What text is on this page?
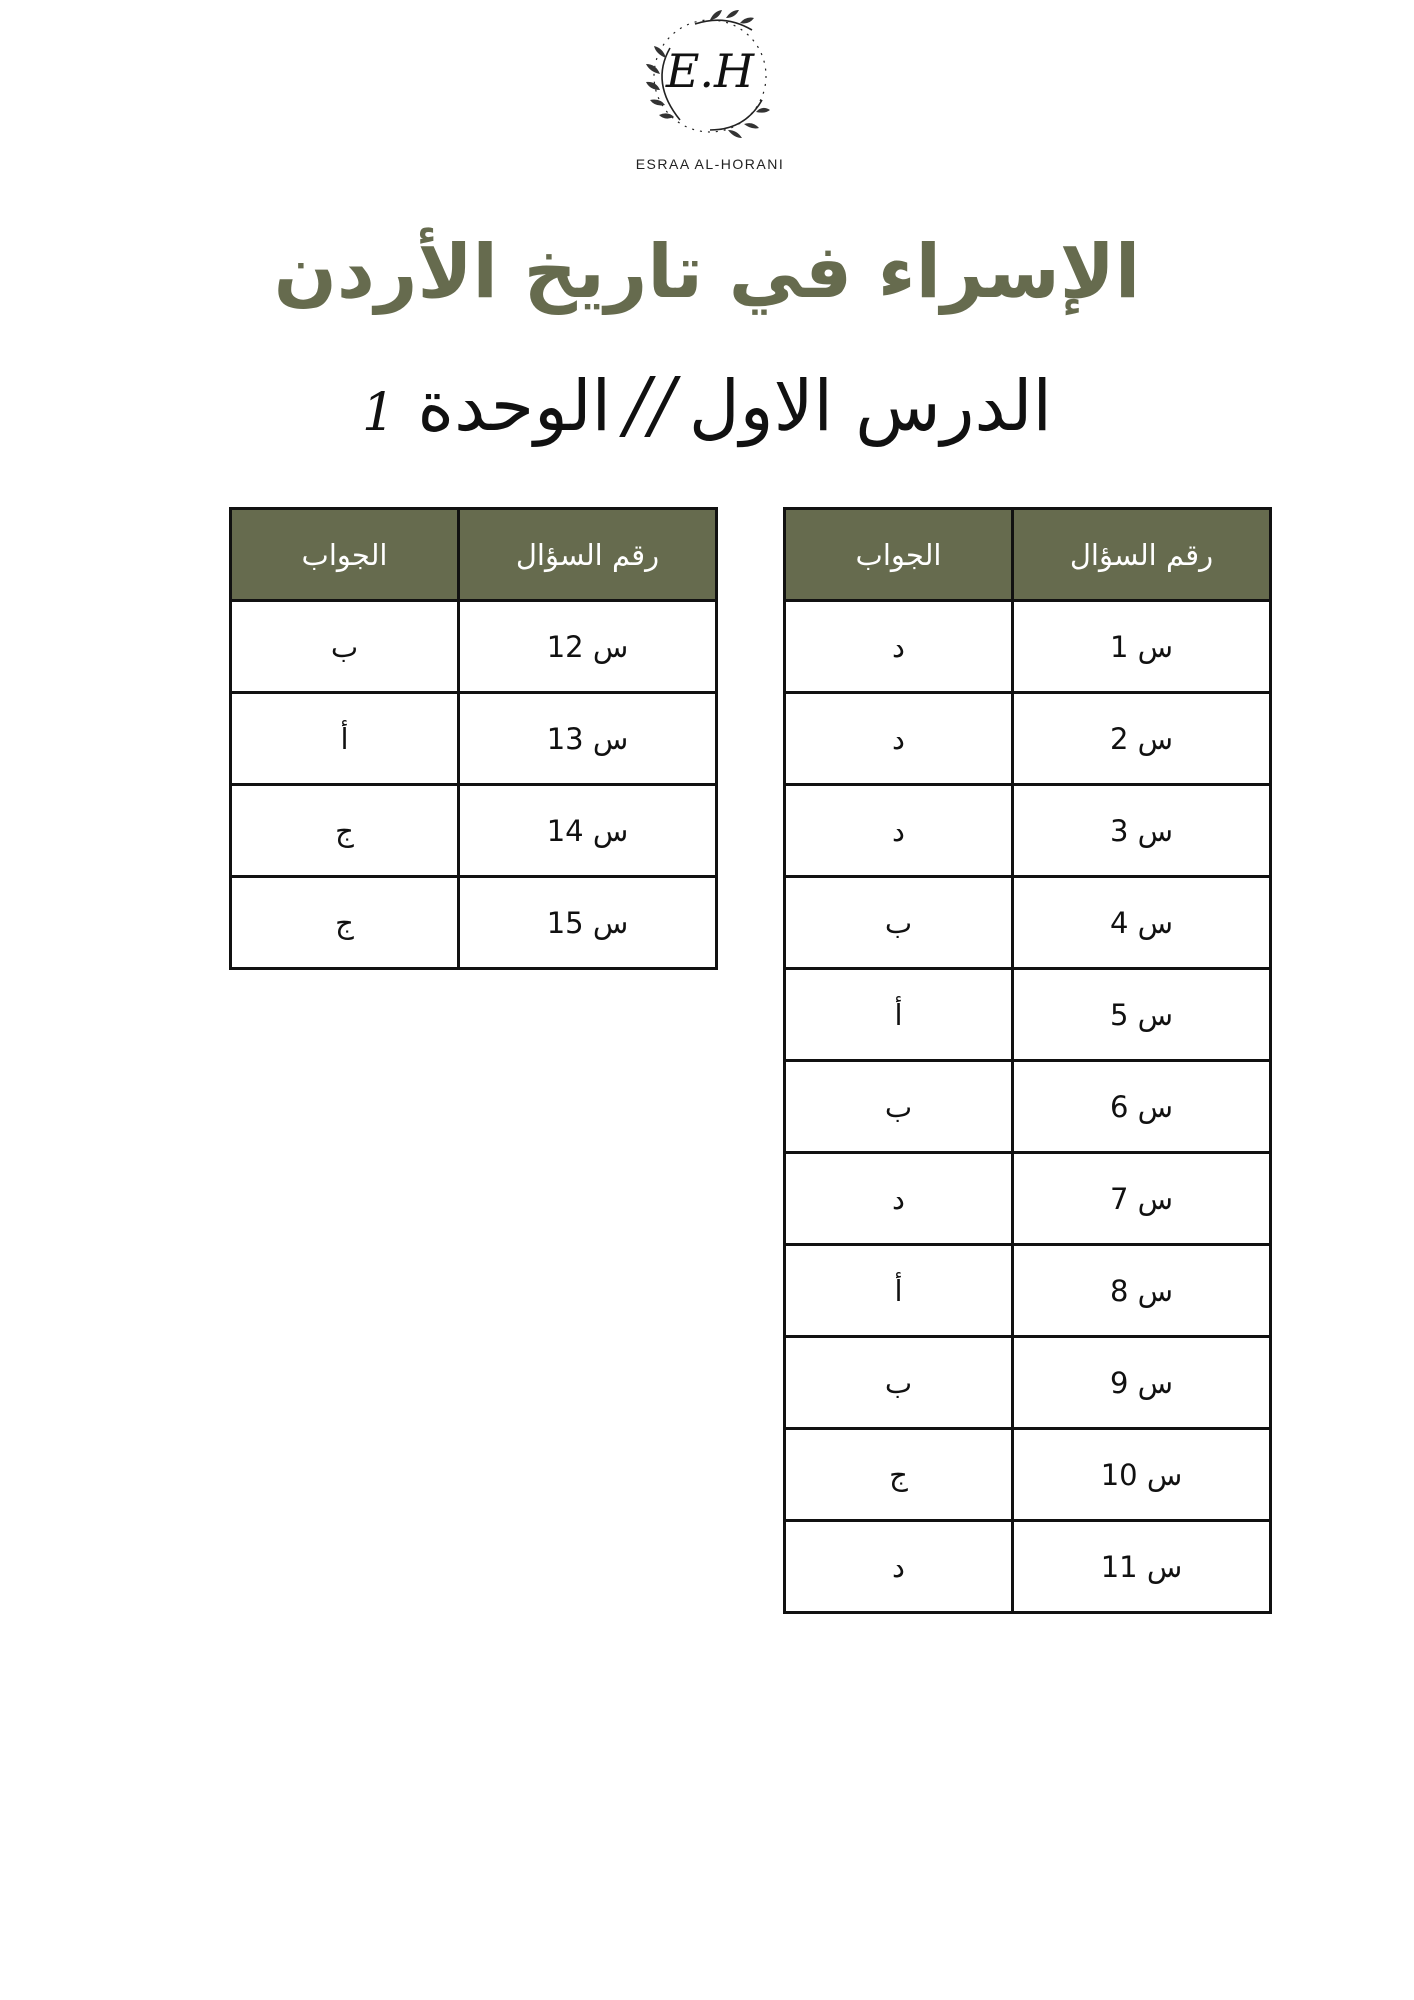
E.H
ESRAA AL-HORANI
الإسراء في تاريخ الأردن
الدرس الاول//الوحدة 1
رقم السؤال	الجواب
س 1	د
س 2	د
س 3	د
س 4	ب
س 5	أ
س 6	ب
س 7	د
س 8	أ
س 9	ب
س 10	ج
س 11	د
رقم السؤال	الجواب
س 12	ب
س 13	أ
س 14	ج
س 15	ج
